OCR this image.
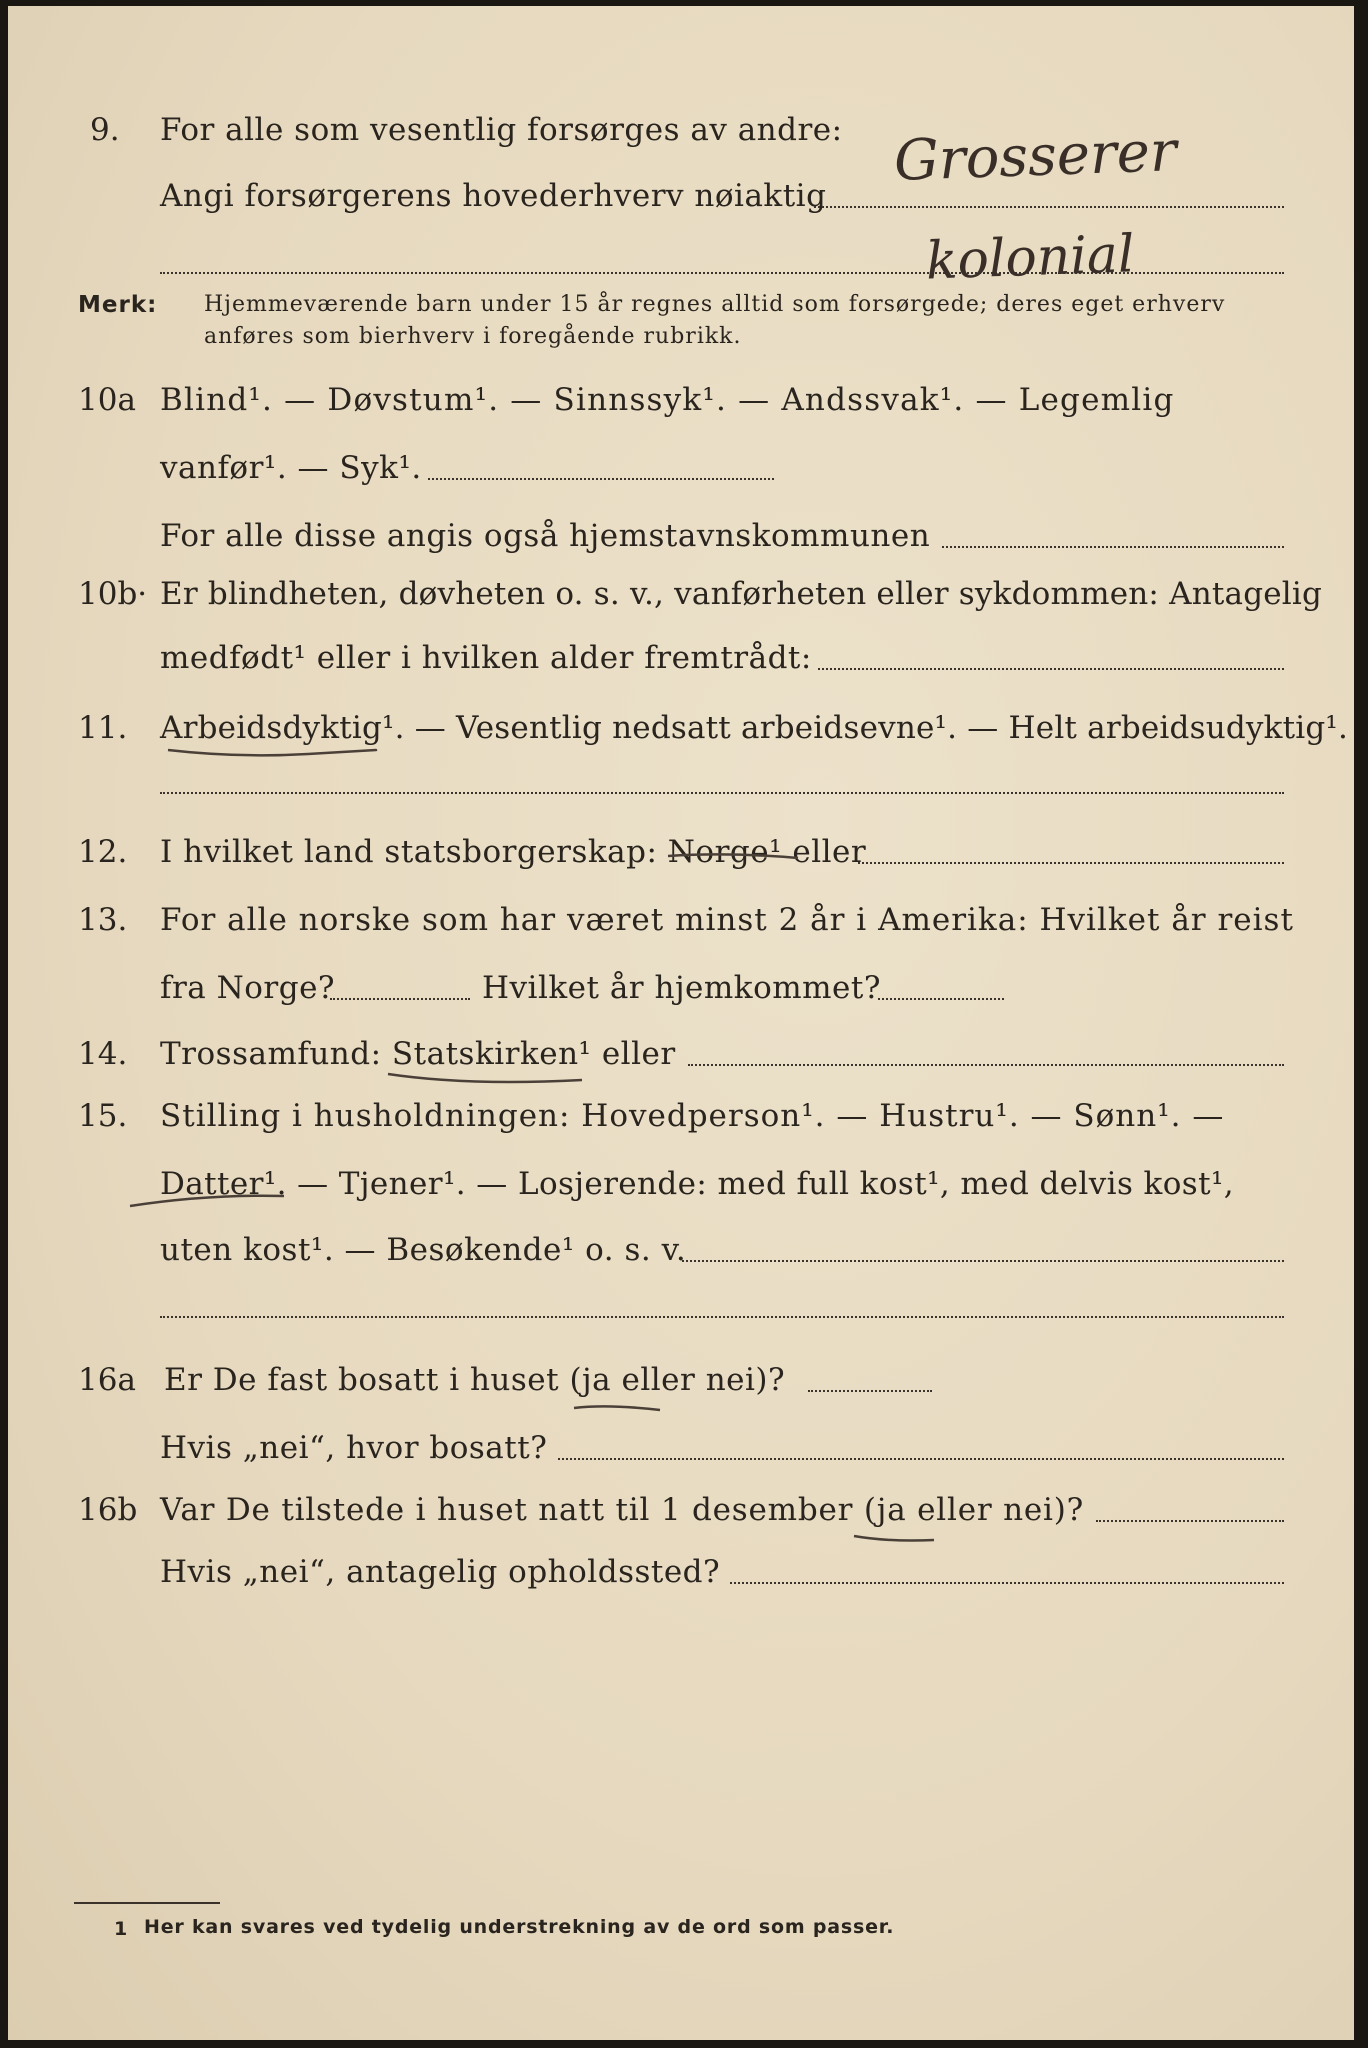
9. For alle som vesentlig forsørges av andre:
Angi forsørgerens hovederhverv nøiaktig
Grosserer
kolonial
Merk: Hjemmeværende barn under 15 år regnes alltid som forsørgede; deres eget erhverv
anføres som bierhverv i foregående rubrikk.
10a Blind¹. — Døvstum¹. — Sinnssyk¹. — Andssvak¹. — Legemlig
vanfør¹. — Syk¹.
For alle disse angis også hjemstavnskommunen
10b· Er blindheten, døvheten o. s. v., vanførheten eller sykdommen: Antagelig
medfødt¹ eller i hvilken alder fremtrådt:
11. Arbeidsdyktig¹. — Vesentlig nedsatt arbeidsevne¹. — Helt arbeidsudyktig¹.
12. I hvilket land statsborgerskap: Norge¹ eller
13. For alle norske som har været minst 2 år i Amerika: Hvilket år reist
fra Norge?	Hvilket år hjemkommet?
14. Trossamfund: Statskirken¹ eller
15. Stilling i husholdningen: Hovedperson¹. — Hustru¹. — Sønn¹. —
Datter¹. — Tjener¹. — Losjerende: med full kost¹, med delvis kost¹,
uten kost¹. — Besøkende¹ o. s. v.
16a Er De fast bosatt i huset (ja eller nei)?
Hvis „nei“, hvor bosatt?
16b Var De tilstede i huset natt til 1 desember (ja eller nei)?
Hvis „nei“, antagelig opholdssted?
1 Her kan svares ved tydelig understrekning av de ord som passer.
